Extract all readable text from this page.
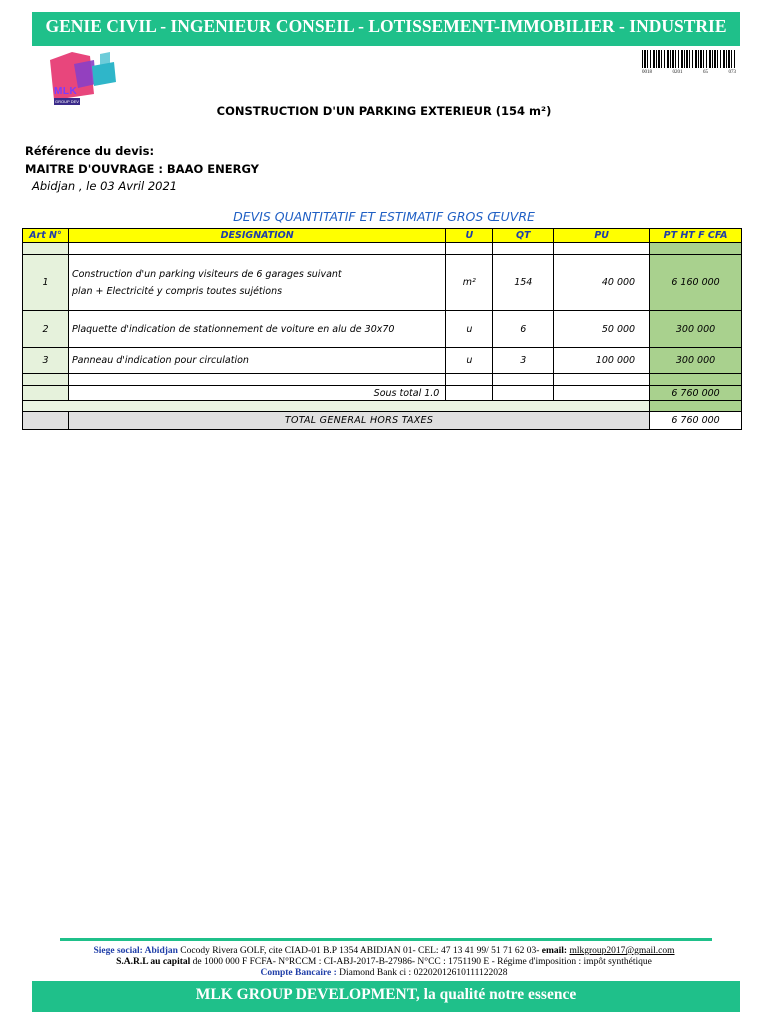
GENIE CIVIL - INGENIEUR CONSEIL - LOTISSEMENT-IMMOBILIER - INDUSTRIE
MLK
GROUP DEV
0018	0201	65	073
CONSTRUCTION D'UN PARKING EXTERIEUR (154 m²)
Référence du devis:
MAITRE D'OUVRAGE : BAAO ENERGY
Abidjan , le 03 Avril 2021
DEVIS QUANTITATIF ET ESTIMATIF GROS ŒUVRE
Art N°	DESIGNATION	U	QT	PU	PT HT F CFA

1	Construction d'un parking visiteurs de 6 garages suivant
plan + Electricité y compris toutes sujétions	m²	154	40 000	6 160 000
2	Plaquette d'indication de stationnement de voiture en alu de 30x70	u	6	50 000	300 000
3	Panneau d'indication pour circulation	u	3	100 000	300 000

	Sous total 1.0				6 760 000

	TOTAL GENERAL HORS TAXES				6 760 000
Siege social: Abidjan Cocody Rivera GOLF, cite CIAD-01 B.P 1354 ABIDJAN 01- CEL: 47 13 41 99/ 51 71 62 03- email: mlkgroup2017@gmail.com
S.A.R.L au capital de 1000 000 F FCFA- N°RCCM : CI-ABJ-2017-B-27986- N°CC : 1751190 E - Régime d'imposition : impôt synthétique
Compte Bancaire : Diamond Bank ci : 02202012610111122028
MLK GROUP DEVELOPMENT, la qualité notre essence
